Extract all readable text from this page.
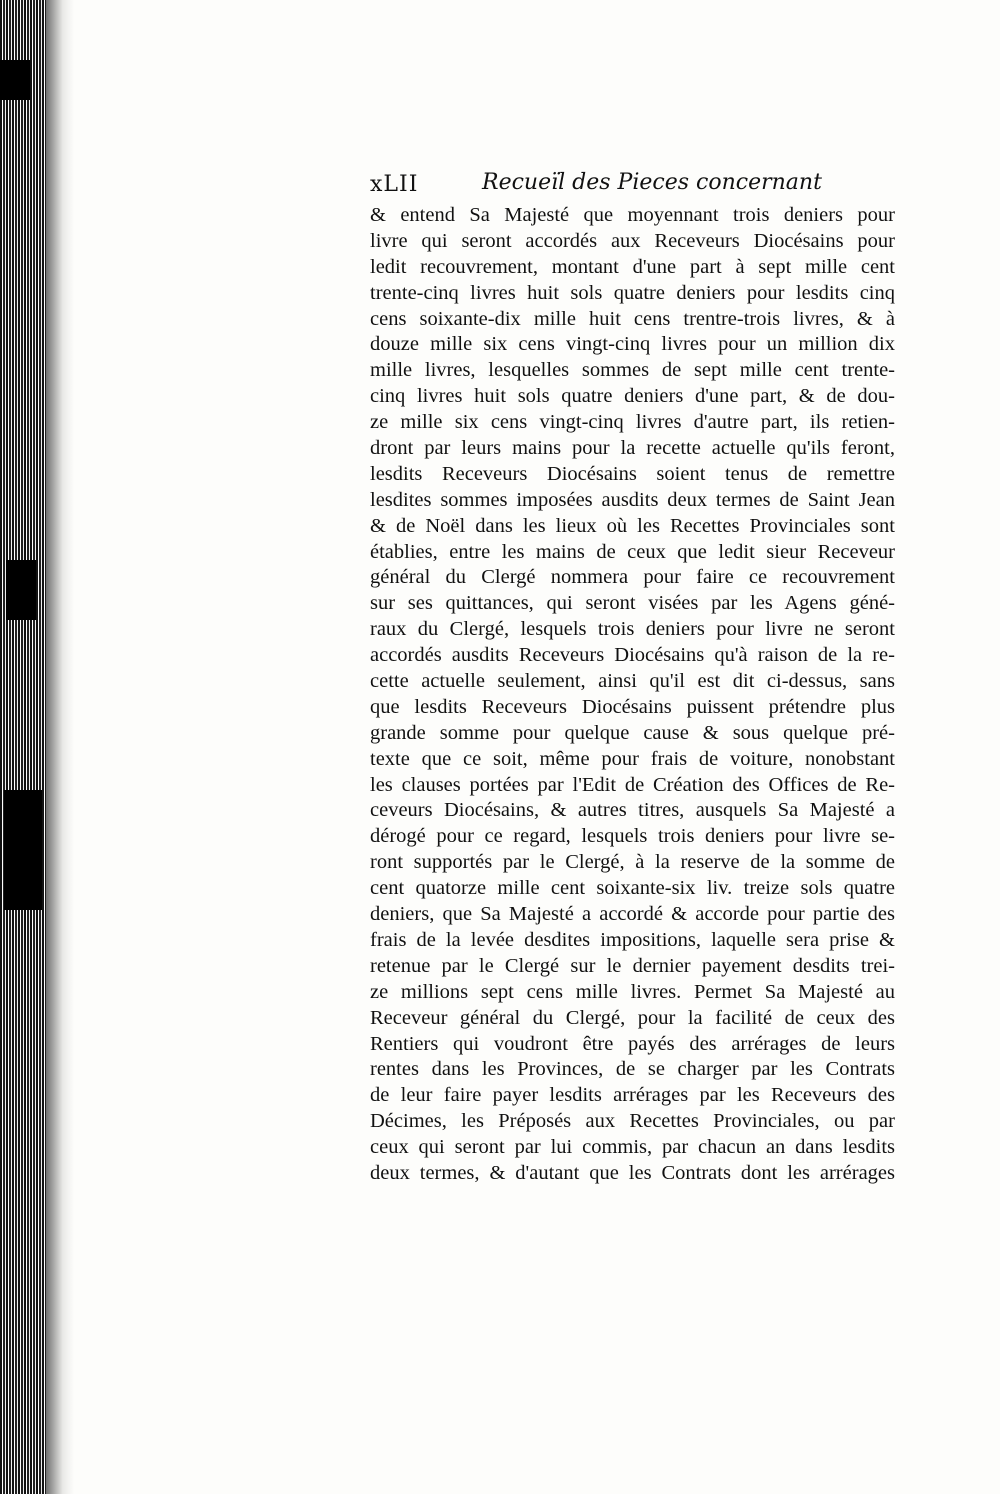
xLII	Recueïl des Pieces concernant
& entend Sa Majesté que moyennant trois deniers pour
livre qui seront accordés aux Receveurs Diocésains pour
ledit recouvrement, montant d'une part à sept mille cent
trente-cinq livres huit sols quatre deniers pour lesdits cinq
cens soixante-dix mille huit cens trentre-trois livres, & à
douze mille six cens vingt-cinq livres pour un million dix
mille livres, lesquelles sommes de sept mille cent trente-
cinq livres huit sols quatre deniers d'une part, & de dou-
ze mille six cens vingt-cinq livres d'autre part, ils retien-
dront par leurs mains pour la recette actuelle qu'ils feront,
lesdits Receveurs Diocésains soient tenus de remettre
lesdites sommes imposées ausdits deux termes de Saint Jean
& de Noël dans les lieux où les Recettes Provinciales sont
établies, entre les mains de ceux que ledit sieur Receveur
général du Clergé nommera pour faire ce recouvrement
sur ses quittances, qui seront visées par les Agens géné-
raux du Clergé, lesquels trois deniers pour livre ne seront
accordés ausdits Receveurs Diocésains qu'à raison de la re-
cette actuelle seulement, ainsi qu'il est dit ci-dessus, sans
que lesdits Receveurs Diocésains puissent prétendre plus
grande somme pour quelque cause & sous quelque pré-
texte que ce soit, même pour frais de voiture, nonobstant
les clauses portées par l'Edit de Création des Offices de Re-
ceveurs Diocésains, & autres titres, ausquels Sa Majesté a
dérogé pour ce regard, lesquels trois deniers pour livre se-
ront supportés par le Clergé, à la reserve de la somme de
cent quatorze mille cent soixante-six liv. treize sols quatre
deniers, que Sa Majesté a accordé & accorde pour partie des
frais de la levée desdites impositions, laquelle sera prise &
retenue par le Clergé sur le dernier payement desdits trei-
ze millions sept cens mille livres. Permet Sa Majesté au
Receveur général du Clergé, pour la facilité de ceux des
Rentiers qui voudront être payés des arrérages de leurs
rentes dans les Provinces, de se charger par les Contrats
de leur faire payer lesdits arrérages par les Receveurs des
Décimes, les Préposés aux Recettes Provinciales, ou par
ceux qui seront par lui commis, par chacun an dans lesdits
deux termes, & d'autant que les Contrats dont les arrérages
